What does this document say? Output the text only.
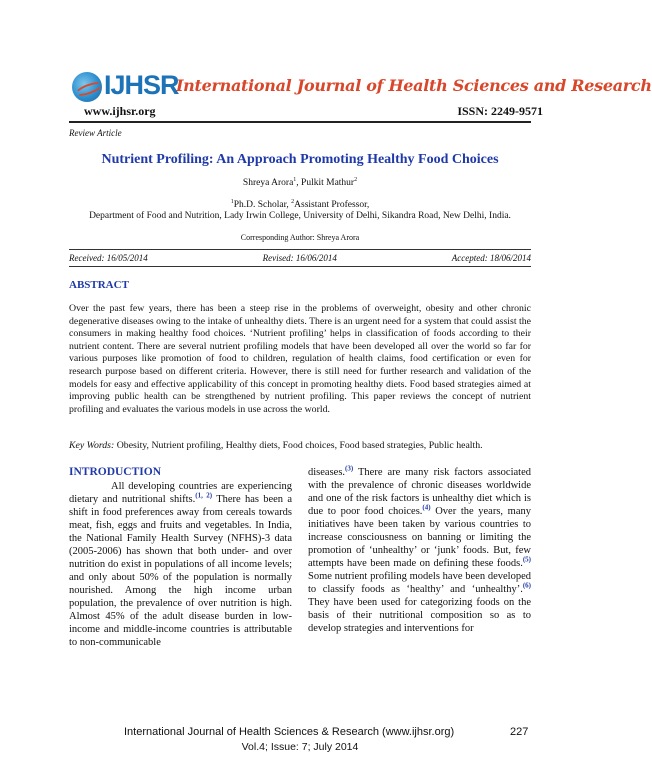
IJHSR
International Journal of Health Sciences and Research
www.ijhsr.org	ISSN: 2249-9571
Review Article
Nutrient Profiling: An Approach Promoting Healthy Food Choices
Shreya Arora$^1$, Pulkit Mathur$^2$
$^1$Ph.D. Scholar, $^2$Assistant Professor,
Department of Food and Nutrition, Lady Irwin College, University of Delhi, Sikandra Road, New Delhi, India.
Corresponding Author: Shreya Arora
Received: 16/05/2014	Revised: 16/06/2014	Accepted: 18/06/2014
ABSTRACT
Over the past few years, there has been a steep rise in the problems of overweight, obesity and other chronic degenerative diseases owing to the intake of unhealthy diets. There is an urgent need for a system that could assist the consumers in making healthy food choices. ‘Nutrient profiling’ helps in classification of foods according to their nutrient content. There are several nutrient profiling models that have been developed all over the world so far for various purposes like promotion of food to children, regulation of health claims, food certification or even for research purpose based on different criteria. However, there is still need for further research and validation of the models for easy and effective applicability of this concept in promoting healthy diets. Food based strategies aimed at improving public health can be strengthened by nutrient profiling. This paper reviews the concept of nutrient profiling and evaluates the various models in use across the world.
Key Words: Obesity, Nutrient profiling, Healthy diets, Food choices, Food based strategies, Public health.
INTRODUCTION
All developing countries are experiencing dietary and nutritional shifts.$^{(1, 2)}$ There has been a shift in food preferences away from cereals towards meat, fish, eggs and fruits and vegetables. In India, the National Family Health Survey (NFHS)-3 data (2005-2006) has shown that both under- and over nutrition do exist in populations of all income levels; and only about 50% of the population is normally nourished. Among the high income urban population, the prevalence of over nutrition is high. Almost 45% of the adult disease burden in low-income and middle-income countries is attributable to non-communicable
diseases.$^{(3)}$ There are many risk factors associated with the prevalence of chronic diseases worldwide and one of the risk factors is unhealthy diet which is due to poor food choices.$^{(4)}$ Over the years, many initiatives have been taken by various countries to increase consciousness on banning or limiting the promotion of ‘unhealthy’ or ‘junk’ foods. But, few attempts have been made on defining these foods.$^{(5)}$ Some nutrient profiling models have been developed to classify foods as ‘healthy’ and ‘unhealthy’.$^{(6)}$ They have been used for categorizing foods on the basis of their nutritional composition so as to develop strategies and interventions for
International Journal of Health Sciences & Research (www.ijhsr.org)	227
Vol.4; Issue: 7; July 2014
